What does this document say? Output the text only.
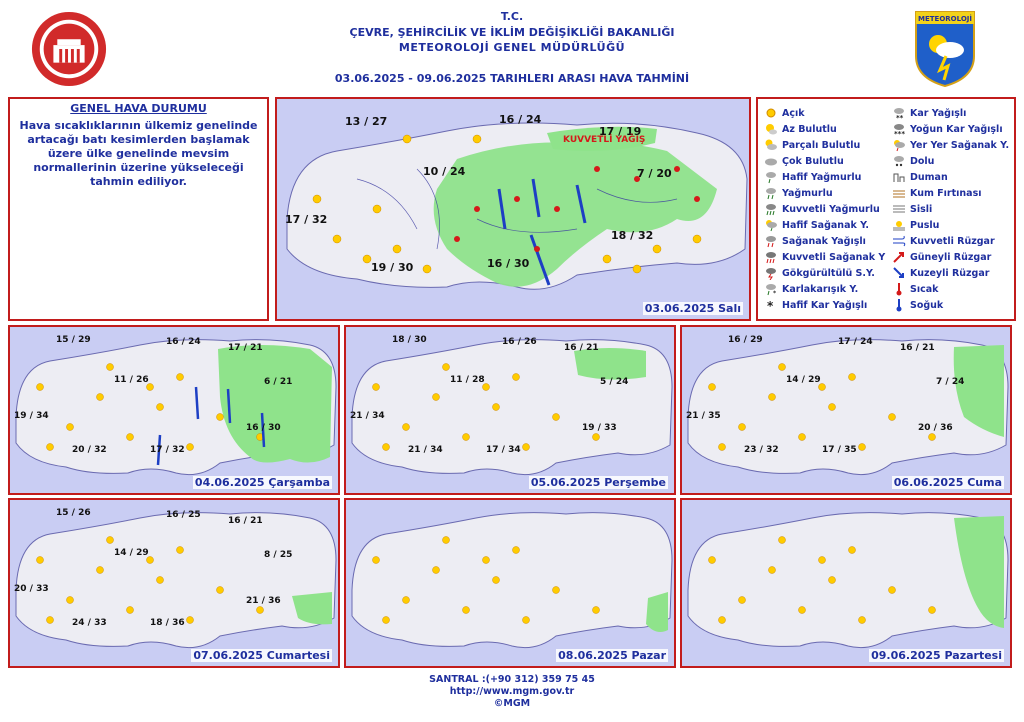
T.C.
ÇEVRE, ŞEHİRCİLİK VE İKLİM DEĞİŞİKLİĞİ BAKANLIĞI
METEOROLOJİ GENEL MÜDÜRLÜĞÜ
03.06.2025 - 09.06.2025 TARIHLERI ARASI HAVA TAHMİNİ
METEOROLOJİ
GENEL HAVA DURUMU
Hava sıcaklıklarının ülkemiz genelinde artacağı batı kesimlerden başlamak üzere ülke genelinde mevsim normallerinin üzerine yükseleceği tahmin ediliyor.
13 / 27	16 / 24
17 / 19
10 / 24	7 / 20
17 / 32
18 / 32
19 / 30	16 / 30
KUVVETLİ YAĞIŞ
03.06.2025 Salı
Açık
Az Bulutlu
Parçalı Bulutlu
Çok Bulutlu
Hafif Yağmurlu
Yağmurlu
Kuvvetli Yağmurlu
Hafif Sağanak Y.
Sağanak Yağışlı
Kuvvetli Sağanak Y
Gökgürültülü S.Y.
* Karlakarışık Y.
* Hafif Kar Yağışlı
** Kar Yağışlı
*** Yoğun Kar Yağışlı
Yer Yer Sağanak Y.
Dolu
Duman
Kum Fırtınası
Sisli
Puslu
Kuvvetli Rüzgar
Güneyli Rüzgar
Kuzeyli Rüzgar
Sıcak
Soğuk
15 / 29	16 / 24
17 / 21
11 / 26	6 / 21
19 / 34
16 / 30
20 / 32	17 / 32
04.06.2025 Çarşamba
18 / 30	16 / 26
16 / 21
11 / 28	5 / 24
21 / 34
19 / 33
21 / 34	17 / 34
05.06.2025 Perşembe
16 / 29	17 / 24
16 / 21
14 / 29	7 / 24
21 / 35
20 / 36
23 / 32	17 / 35
06.06.2025 Cuma
15 / 26	16 / 25
16 / 21
14 / 29	8 / 25
20 / 33
21 / 36
24 / 33	18 / 36
07.06.2025 Cumartesi	08.06.2025 Pazar	09.06.2025 Pazartesi
SANTRAL :(+90 312) 359 75 45
http://www.mgm.gov.tr
©MGM
